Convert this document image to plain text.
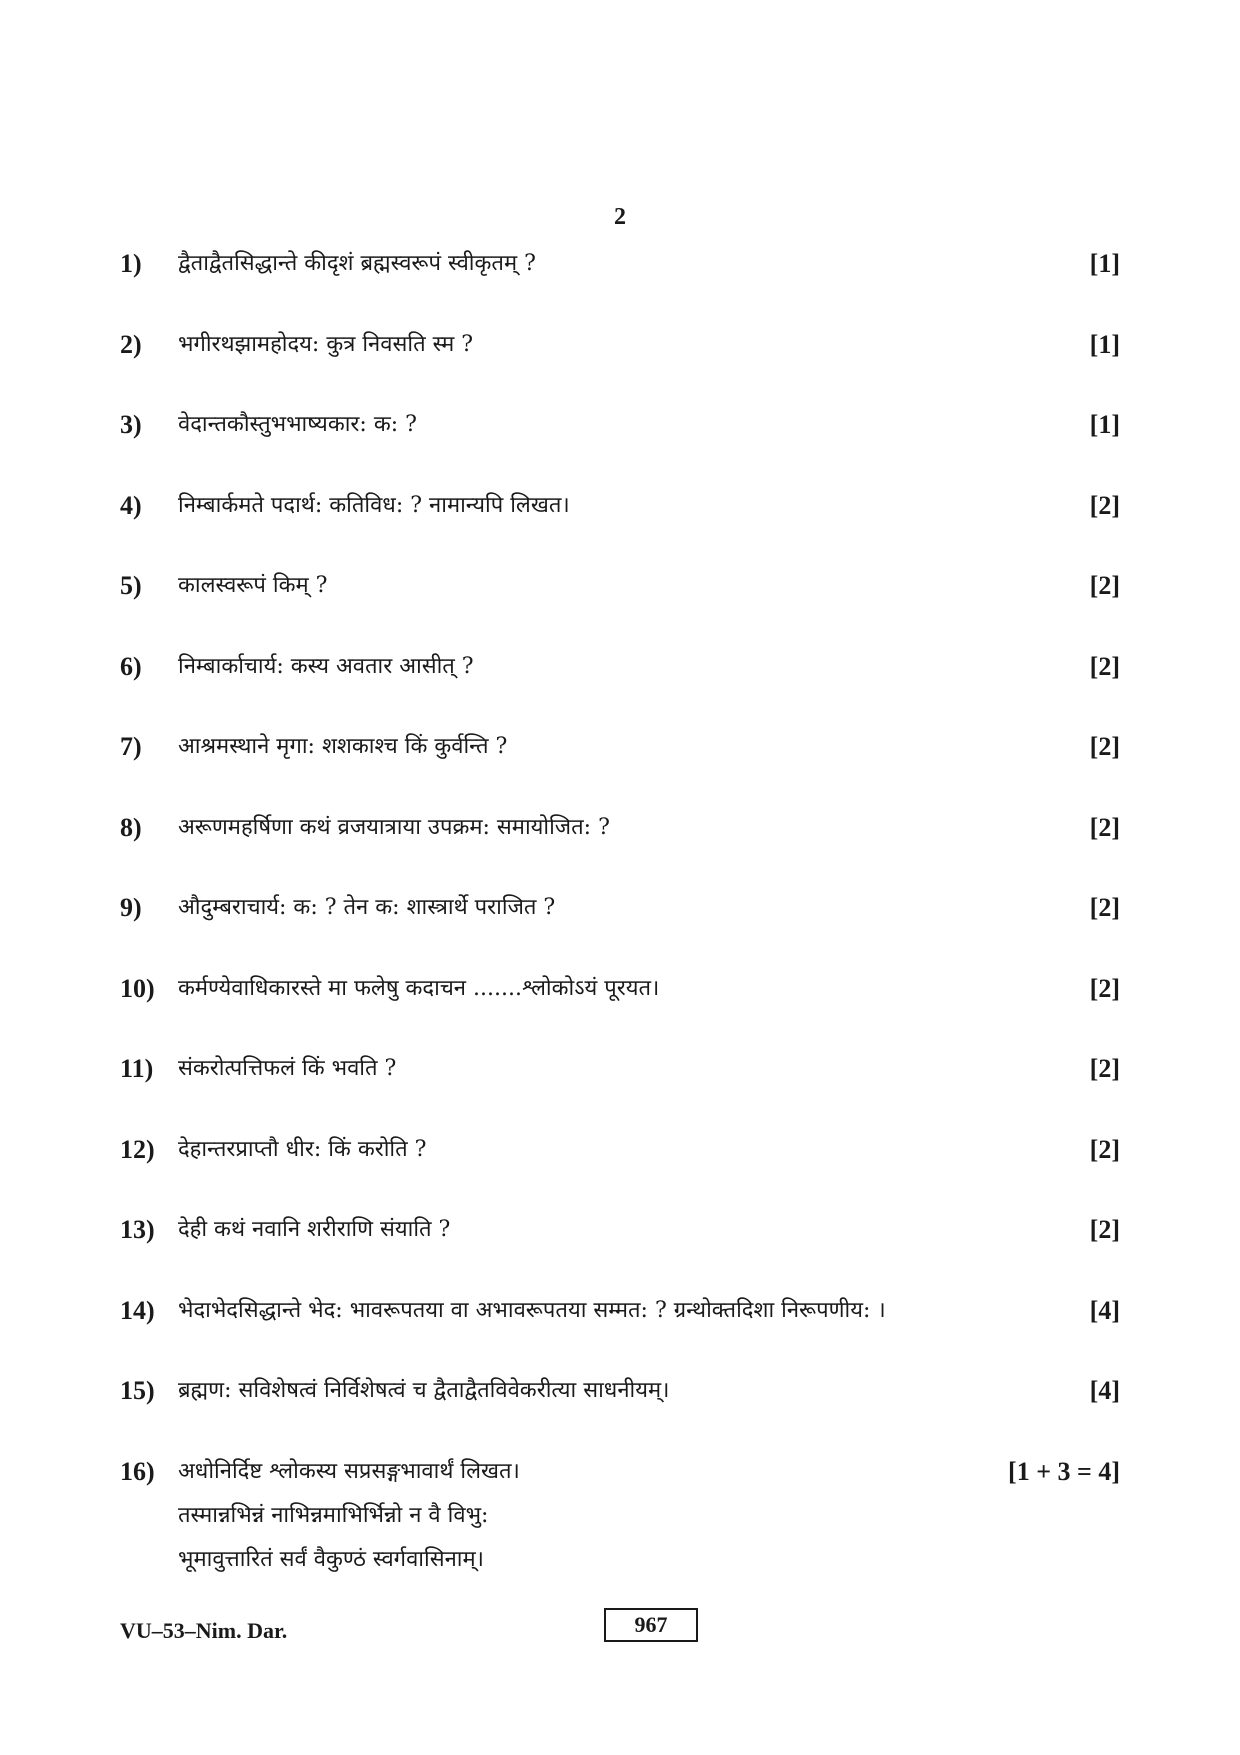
2
1) द्वैताद्वैतसिद्धान्ते कीदृशं ब्रह्मस्वरूपं स्वीकृतम् ?	[1]
2) भगीरथझामहोदय: कुत्र निवसति स्म ?	[1]
3) वेदान्तकौस्तुभभाष्यकार: क: ?	[1]
4) निम्बार्कमते पदार्थ: कतिविध: ? नामान्यपि लिखत।	[2]
5) कालस्वरूपं किम् ?	[2]
6) निम्बार्काचार्य: कस्य अवतार आसीत् ?	[2]
7) आश्रमस्थाने मृगा: शशकाश्च किं कुर्वन्ति ?	[2]
8) अरूणमहर्षिणा कथं व्रजयात्राया उपक्रम: समायोजित: ?	[2]
9) औदुम्बराचार्य: क: ? तेन क: शास्त्रार्थे पराजित ?	[2]
10) कर्मण्येवाधिकारस्ते मा फलेषु कदाचन .......श्लोकोऽयं पूरयत।	[2]
11) संकरोत्पत्तिफलं किं भवति ?	[2]
12) देहान्तरप्राप्तौ धीर: किं करोति ?	[2]
13) देही कथं नवानि शरीराणि संयाति ?	[2]
14) भेदाभेदसिद्धान्ते भेद: भावरूपतया वा अभावरूपतया सम्मत: ? ग्रन्थोक्तदिशा निरूपणीय: ।	[4]
15) ब्रह्मण: सविशेषत्वं निर्विशेषत्वं च द्वैताद्वैतविवेकरीत्या साधनीयम्।	[4]
16) अधोनिर्दिष्ट श्लोकस्य सप्रसङ्गभावार्थं लिखत।	[1 + 3 = 4]
तस्मान्नभिन्नं नाभिन्नमाभिर्भिन्नो न वै विभु:
भूमावुत्तारितं सर्वं वैकुण्ठं स्वर्गवासिनाम्।
VU–53–Nim. Dar.	967
